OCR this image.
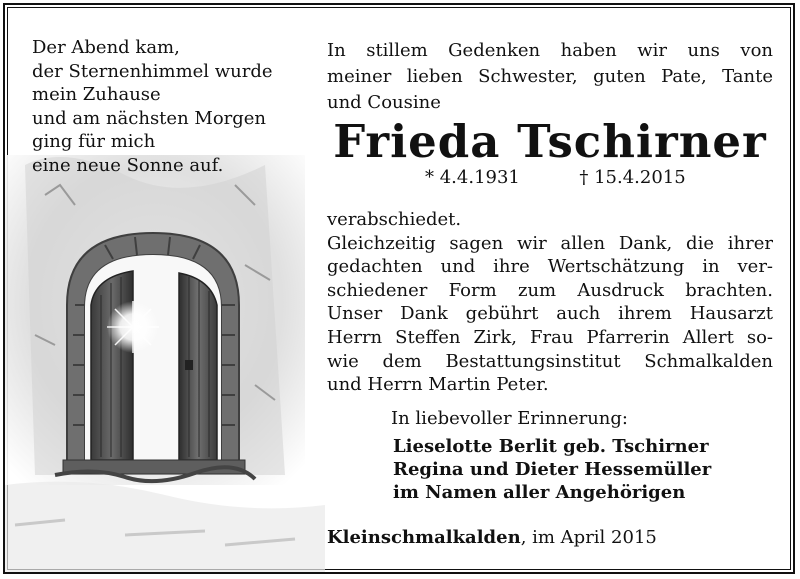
Der Abend kam,
der Sternenhimmel wurde
mein Zuhause
und am nächsten Morgen
ging für mich
eine neue Sonne auf.
In stillem Gedenken haben wir uns von
meiner lieben Schwester, guten Pate, Tante
und Cousine
Frieda Tschirner
* 4.4.1931	† 15.4.2015
verabschiedet.
Gleichzeitig sagen wir allen Dank, die ihrer
gedachten und ihre Wertschätzung in ver-
schiedener Form zum Ausdruck brachten.
Unser Dank gebührt auch ihrem Hausarzt
Herrn Steffen Zirk, Frau Pfarrerin Allert so-
wie dem Bestattungsinstitut Schmalkalden
und Herrn Martin Peter.
In liebevoller Erinnerung:
Lieselotte Berlit geb. Tschirner
Regina und Dieter Hessemüller
im Namen aller Angehörigen
Kleinschmalkalden, im April 2015
